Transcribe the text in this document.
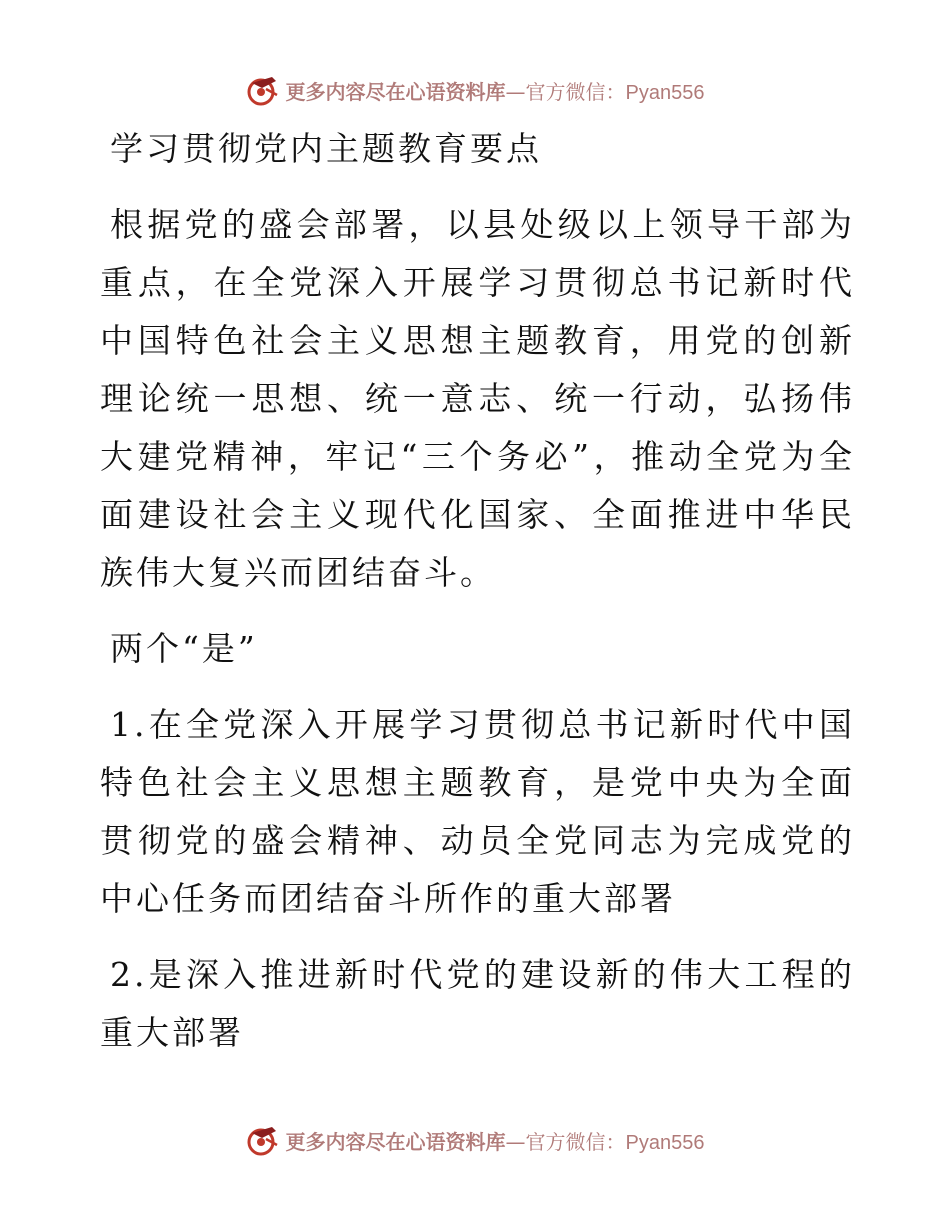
更多内容尽在心语资料库—官方微信：Pyan556

学习贯彻党内主题教育要点

根据党的盛会部署，以县处级以上领导干部为重点，在全党深入开展学习贯彻总书记新时代中国特色社会主义思想主题教育，用党的创新理论统一思想、统一意志、统一行动，弘扬伟大建党精神，牢记“三个务必”，推动全党为全面建设社会主义现代化国家、全面推进中华民族伟大复兴而团结奋斗。

两个“是”

1.在全党深入开展学习贯彻总书记新时代中国特色社会主义思想主题教育，是党中央为全面贯彻党的盛会精神、动员全党同志为完成党的中心任务而团结奋斗所作的重大部署

2.是深入推进新时代党的建设新的伟大工程的重大部署

更多内容尽在心语资料库—官方微信：Pyan556
